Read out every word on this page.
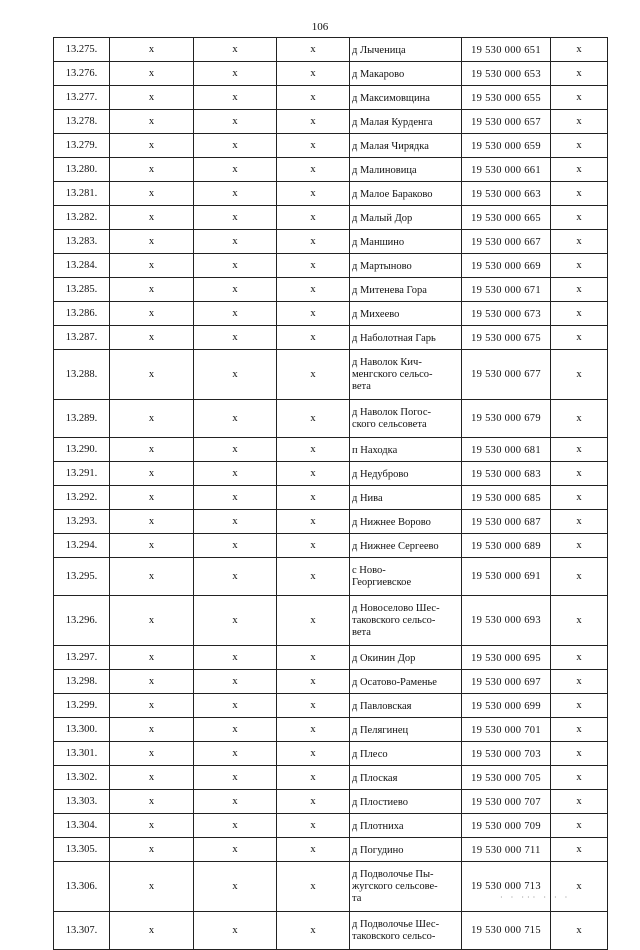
106
13.275.	x	x	x	д Лыченица	19 530 000 651	x
13.276.	x	x	x	д Макарово	19 530 000 653	x
13.277.	x	x	x	д Максимовщина	19 530 000 655	x
13.278.	x	x	x	д Малая Курденга	19 530 000 657	x
13.279.	x	x	x	д Малая Чирядка	19 530 000 659	x
13.280.	x	x	x	д Малиновица	19 530 000 661	x
13.281.	x	x	x	д Малое Бараково	19 530 000 663	x
13.282.	x	x	x	д Малый Дор	19 530 000 665	x
13.283.	x	x	x	д Маншино	19 530 000 667	x
13.284.	x	x	x	д Мартыново	19 530 000 669	x
13.285.	x	x	x	д Митенева Гора	19 530 000 671	x
13.286.	x	x	x	д Михеево	19 530 000 673	x
13.287.	x	x	x	д Наболотная Гарь	19 530 000 675	x
13.288.	x	x	x	д Наволок Кич-
менгского сельсо-
вета	19 530 000 677	x
13.289.	x	x	x	д Наволок Погос-
ского сельсовета	19 530 000 679	x
13.290.	x	x	x	п Находка	19 530 000 681	x
13.291.	x	x	x	д Недуброво	19 530 000 683	x
13.292.	x	x	x	д Нива	19 530 000 685	x
13.293.	x	x	x	д Нижнее Ворово	19 530 000 687	x
13.294.	x	x	x	д Нижнее Сергеево	19 530 000 689	x
13.295.	x	x	x	с Ново-
Георгиевское	19 530 000 691	x
13.296.	x	x	x	д Новоселово Шес-
таковского сельсо-
вета	19 530 000 693	x
13.297.	x	x	x	д Окинин Дор	19 530 000 695	x
13.298.	x	x	x	д Осатово-Раменье	19 530 000 697	x
13.299.	x	x	x	д Павловская	19 530 000 699	x
13.300.	x	x	x	д Пелягинец	19 530 000 701	x
13.301.	x	x	x	д Плесо	19 530 000 703	x
13.302.	x	x	x	д Плоская	19 530 000 705	x
13.303.	x	x	x	д Плостиево	19 530 000 707	x
13.304.	x	x	x	д Плотниха	19 530 000 709	x
13.305.	x	x	x	д Погудино	19 530 000 711	x
13.306.	x	x	x	д Подволочье Пы-
жугского сельсове-
та	19 530 000 713	x
13.307.	x	x	x	д Подволочье Шес-
таковского сельсо-	19 530 000 715	x
· · ··· · · ·
